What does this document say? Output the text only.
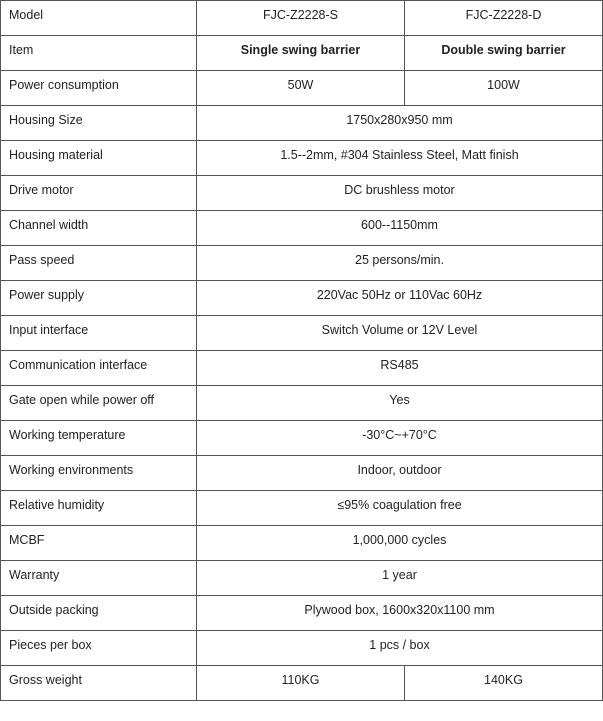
Model	FJC-Z2228-S	FJC-Z2228-D
Item	Single swing barrier	Double swing barrier
Power consumption	50W	100W
Housing Size	1750x280x950 mm	
Housing material	1.5--2mm, #304 Stainless Steel, Matt finish	
Drive motor	DC brushless motor	
Channel width	600--1150mm	
Pass speed	25 persons/min.	
Power supply	220Vac 50Hz or 110Vac 60Hz	
Input interface	Switch Volume or 12V Level	
Communication interface	RS485	
Gate open while power off	Yes	
Working temperature	-30°C~+70°C	
Working environments	Indoor, outdoor	
Relative humidity	≤95% coagulation free	
MCBF	1,000,000 cycles	
Warranty	1 year	
Outside packing	Plywood box, 1600x320x1100 mm	
Pieces per box	1 pcs / box	
Gross weight	110KG	140KG
